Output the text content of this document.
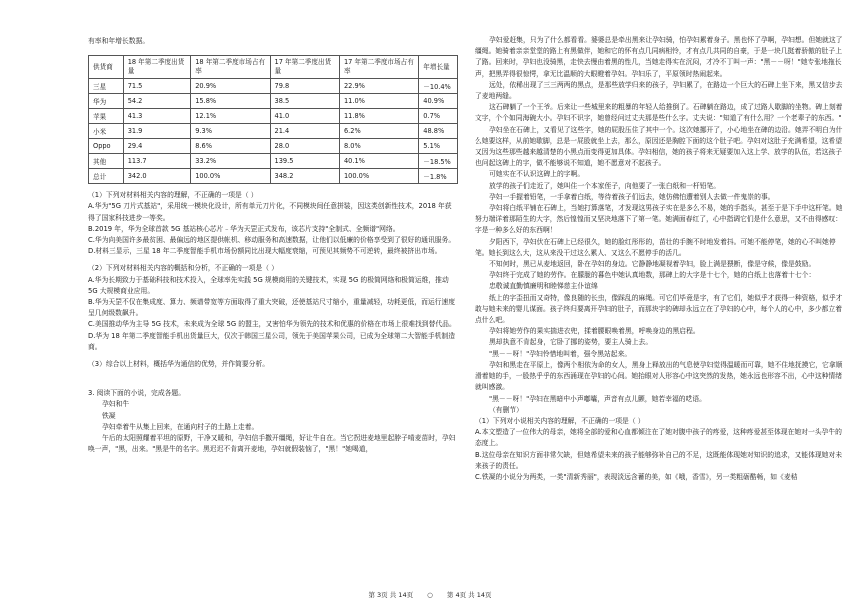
有率和年增长数据。

供货商	18 年第二季度出货量	18 年第二季度市场占有率	17 年第二季度出货量	17 年第二季度市场占有率	年增长量
三星	71.5	20.9%	79.8	22.9%	－10.4%
华为	54.2	15.8%	38.5	11.0%	40.9%
苹果	41.3	12.1%	41.0	11.8%	0.7%
小米	31.9	9.3%	21.4	6.2%	48.8%
Oppo	29.4	8.6%	28.0	8.0%	5.1%
其他	113.7	33.2%	139.5	40.1%	－18.5%
总计	342.0	100.0%	348.2	100.0%	－1.8%

（1）下列对材料相关内容的理解，不正确的一项是（ ）

A.华为"5G 刀片式基站"，采用统一模块化设计，所有单元刀片化，不同模块间任意拼装，因这类创新性技术，2018 年获得了国家科技进步一等奖。

B.2019 年，华为全球首款 5G 基站核心芯片﹣华为天罡正式发布，该芯片支持"全制式、全频谱"网络。

C.华为向美国许多最贫困、最偏远的地区提供帐机、移动服务和高速数据，让他们以低廉的价格享受到了很好的通讯服务。

D.材料三显示，三星 18 年二季度智能手机市场份额同比出现大幅度衰缩，可预见其频势不可逆转，最终被挤出市场。

（2）下列对材料相关内容的概括和分析，不正确的一项是（ ）

A.华为长期致力于基础科技和技术投入，全球率先实践 5G 规模商用的关键技术，实现 5G 的极简网络和极简运维，推动 5G 大规模商业应用。

B.华为天罡不仅在集成度、算力、频谱带宽等方面取得了重大突破，还使基站尺寸缩小，重量减轻，功耗更低，而运行速度呈几何级数飙升。

C.美国推动华为主导 5G 技术，未来成为全球 5G 的盟主，又害怕华为领先的技术和优惠的价格在市场上很难找到替代品。

D.华为 18 年第二季度智能手机出货量巨大，仅次于韩国三星公司，领先于美国苹果公司，已成为全球第二大智能手机制造商。

（3）综合以上材料，概括华为通信的优势，并作简要分析。

3. 阅读下面的小说，完成各题。

孕妇和牛

铁凝

孕妇牵着牛从集上回来，在通向村子的土路上走着。

午后的太阳照耀着平坦的原野，干净又暖和，孕妇信手撒开缰绳，好让牛自在。当它拐进麦地里起脖子啃麦苗时，孕妇唤一声，"黑，出来。"黑是牛的名字。黑迟迟不肯离开麦地，孕妇就假装恼了，"黑！"她喝道，

孕妇爱赶集，只为了什么都看看。婆婆总是牵出黑来让孕妇骑，怕孕妇累着身子。黑也怀了孕啊，孕妇想。但她就这了缰绳。她骑着亲亲堂堂的路上有黑做伴，她和它的怀有点几同病相怜，才有点几共同的自豪，于是一块几挺着骄傲的肚子上了路。回来时，孕妇也没骑黑，走快去慢由着黑的性几，当她走得实在沉闷，才冷不丁叫一声："黑－－呀！"她专张地拖长声，把黑弄得很惊愕，拿无比温顺的大眼瞪着孕妇。孕妇乐了，平原领时热闹起来。

远处，依稀出现了三三两两的黑点，是那些放学归来的孩子，孕妇累了，在路边一个巨大的石碑上坐下来，黑又信步去了麦地两缝。

这石碑躺了一个王爷。后来让一些城里来的粗暴的年轻人给推倒了。石碑躺在路边，成了过路人歇脚的坐物。碑上刻着文字，个个如同海碗大小。孕妇不识字，她曾经问过丈夫那是些什么字。丈夫说："知道了有什么用？一个老辈子的东西。"

孕妇坐在石碑上，又看见了这些字，她的屁股压住了其中一个。这次她挪开了，小心地坐在碑的边沿。她弄不明白为什么她要这样，从前她歇脚，总是一屁股就坐上去，那么，原因还是胸腔下面的这个肚子吧。孕妇对这肚子充满希望，这希望又因为这些那些越来越清楚的小黑点而变得更加具体。孕妇相信，她的孩子将来无疑要加入这上学、放学的队伍，若这孩子也问起这碑上的字，做不能够说不知道，她不愿意对不起孩子。

可她实在不认识这碑上的字啊。

放学的孩子们走近了，她叫住一个本家侄子，向他要了一张白纸和一杆铅笔。

孕妇一手握着铅笔，一手拿着白纸，等待着孩子们远去，她仿佛怕遭着别人去做一件鬼崇的事。

孕妇将白纸平铺在石碑上，当她打算落笔，才发现这男孩子实在是多么不易，她的手指头，甚至于是下手中这杆笔。她努力端详着那陌生的大字，然后惶惶而又坚决地落下了第一笔。她满面春红了，心中指调它们是什么意思，又不由得感叹：字是一种多么好的东西啊！

夕阳西下，孕妇伏在石碑上已经很久，她的脸红彤彤的，苗壮的手腕不时地发着抖。可她不能停笔，她的心不叫她停笔。她长到这么大，这从来没干过这么累人、又这么不愿停手的活几。

不知何时，黑已从麦地返回，卧在孕妇的身边。它静静地凝视着孕妇，脸上满是猥断，像是守候，像是鼓励。

孕妇终于完成了她的劳作。在朦胧的暮色中她认真地数，那碑上的大字是十七个，她的白纸上也落着十七个：

忠敬诚直勤慎廉明和睦悌慈主仆谊绵

纸上的字歪扭而又奇特，像良随的长虫，像踩乱的麻绳。可它们毕竟是字，有了它们，她似乎才获得一种资格，似乎才敢与她未来的婴儿谋面。孩子终归要离开孕妇的肚子，而那块字的碑却永远立在了孕妇的心中，每个人的心中，多少都立着点什么吧。

孕妇将她劳作的果实揣进衣兜，揉着腰眼唤着黑，呼唤身边的黑启程。

黑却执意不肯起身，它卧了挪的姿势，要主人骑上去。

"黑－－呀！"孕妇怜惜地叫着，强令黑站起来。

孕妇和黑走在平原上，像两个相依为命的女人，黑身上释放出的气息使孕妇觉得温暖而可靠，她不住地抚摸它，它拿顺滑着她的手，一股热乎乎的东西涌现在孕妇的心间。她抬眼对人形容心中这突然的发热，她永远也形容不出，心中这种情绪就叫感激。

"黑－－呀！"孕妇在黑暗中小声嘟囔，声音有点儿颤，她若幸福的呓语。

（有删节）

（1）下列对小说相关内容的理解，不正确的一项是（ ）

A.本文塑造了一位伟大的母亲，她将全部的爱和心血都倾注在了她对腹中孩子的疼爱，这种疼爱甚至体现在她对一头孕牛的态度上。

B.这位母亲在知识方面非常欠缺，但她希望未来的孩子能够弥补自己的不足，这既能体现她对知识的追求，又能体现她对未来孩子的责任。

C.铁凝的小说分为两类，一类"清新秀丽"，表现淡远含蓄的美，如《哦，香雪》，另一类粗砺酷畅，如《麦秸

第 3页 共 14页 ○ 第 4页 共 14页
